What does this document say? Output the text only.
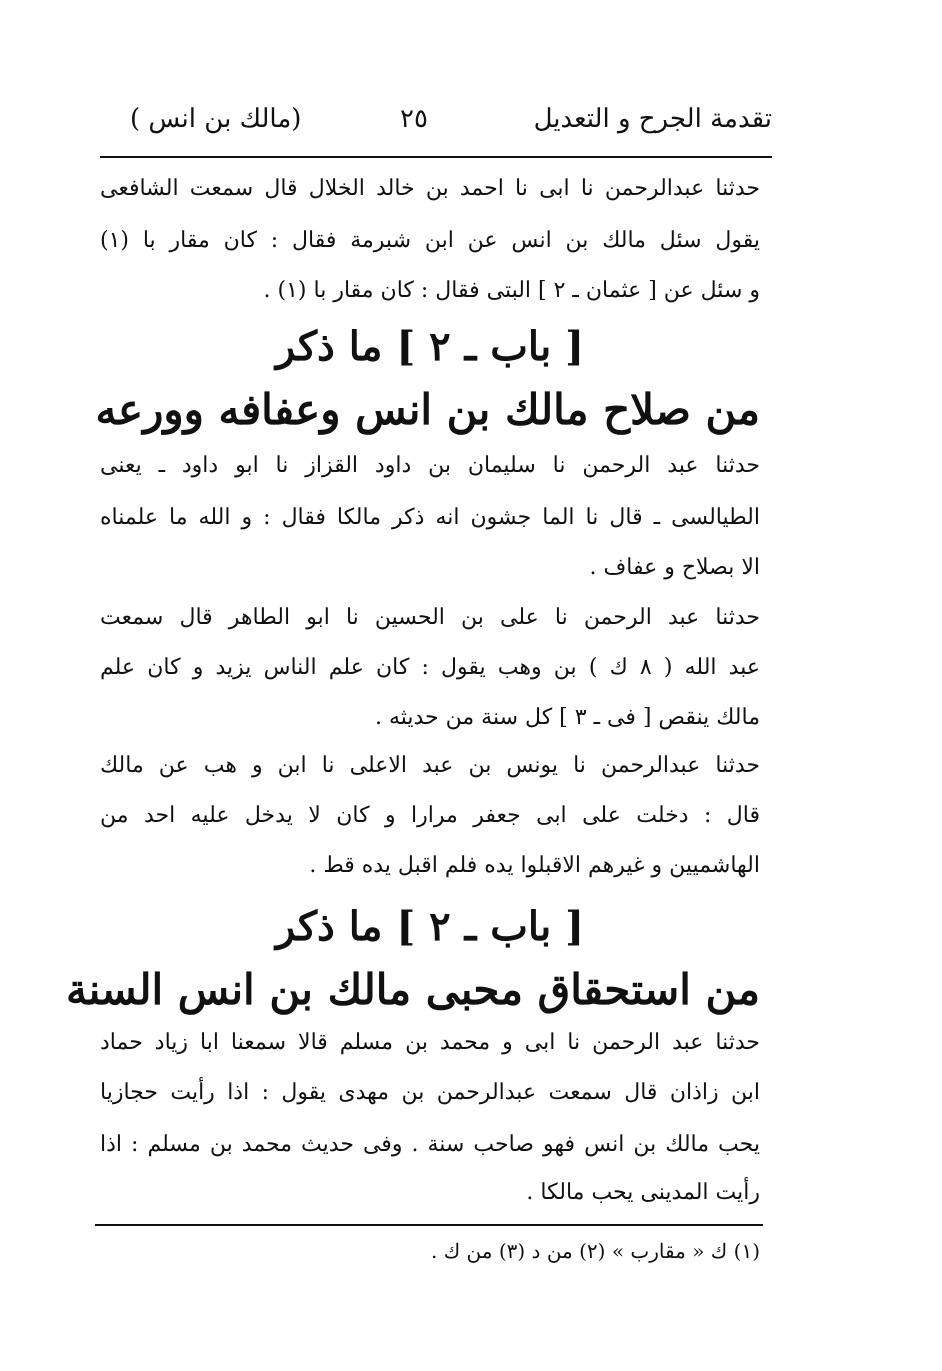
تقدمة الجرح و التعديل
٢٥
(مالك بن انس )
حدثنا عبدالرحمن نا ابى نا احمد بن خالد الخلال قال سمعت الشافعى
يقول سئل مالك بن انس عن ابن شبرمة فقال : كان مقار با (١)
و سئل عن [ عثمان ـ ٢ ] البتى فقال : كان مقار با (١) .
[ باب ـ ٢ ] ما ذكر
من صلاح مالك بن انس وعفافه وورعه
حدثنا عبد الرحمن نا سليمان بن داود القزاز نا ابو داود ـ يعنى
الطيالسى ـ قال نا الما جشون انه ذكر مالكا فقال : و الله ما علمناه
الا بصلاح و عفاف .
حدثنا عبد الرحمن نا علی بن الحسين نا ابو الطاهر قال سمعت
عبد الله ( ٨ ك ) بن وهب يقول : كان علم الناس يزيد و كان علم
مالك ينقص [ فى ـ ٣ ] كل سنة من حديثه .
حدثنا عبدالرحمن نا يونس بن عبد الاعلى نا ابن و هب عن مالك
قال : دخلت على ابى جعفر مرارا و كان لا يدخل عليه احد من
الهاشميين و غيرهم الاقبلوا يده فلم اقبل يده قط .
[ باب ـ ٢ ] ما ذكر
من استحقاق محبى مالك بن انس السنة
حدثنا عبد الرحمن نا ابى و محمد بن مسلم قالا سمعنا ابا زياد حماد
ابن زاذان قال سمعت عبدالرحمن بن مهدى يقول : اذا رأيت حجازيا
يحب مالك بن انس فهو صاحب سنة . وفى حديث محمد بن مسلم : اذا
رأيت المدينى يحب مالكا .
(١) ك « مقارب » (٢) من د (٣) من ك .
